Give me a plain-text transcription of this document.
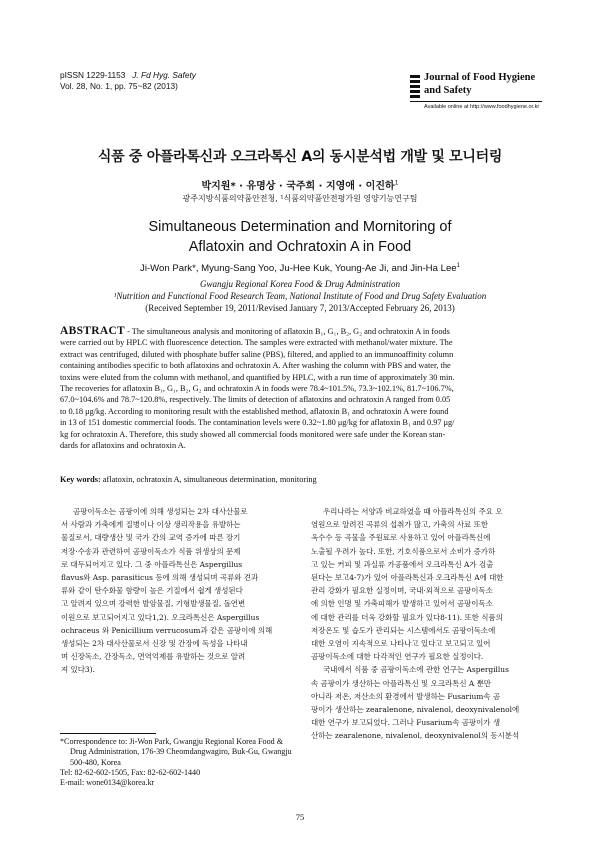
pISSN 1229-1153 J. Fd Hyg. Safety
Vol. 28, No. 1, pp. 75~82 (2013)
Journal of Food Hygiene
and Safety
Available online at http://www.foodhygiene.or.kr
식품 중 아플라톡신과 오크라톡신 A의 동시분석법 개발 및 모니터링
박지원* · 유명상 · 국주희 · 지영애 · 이진하$^1$
광주지방식품의약품안전청, ¹식품의약품안전평가원 영양기능연구팀
Simultaneous Determination and Mornitoring of
Aflatoxin and Ochratoxin A in Food
Ji-Won Park*, Myung-Sang Yoo, Ju-Hee Kuk, Young-Ae Ji, and Jin-Ha Lee$^1$
Gwangju Regional Korea Food & Drug Administration
¹Nutrition and Functional Food Research Team, National Institute of Food and Drug Safety Evaluation
(Received September 19, 2011/Revised January 7, 2013/Accepted February 26, 2013)
ABSTRACT - The simultaneous analysis and monitoring of aflatoxin B₁, G₁, B₂, G₂ and ochratoxin A in foods
were carried out by HPLC with fluorescence detection. The samples were extracted with methanol/water mixture. The
extract was centrifuged, diluted with phosphate buffer saline (PBS), filtered, and applied to an immunoaffinity column
containing antibodies specific to both aflatoxins and ochratoxin A. After washing the column with PBS and water, the
toxins were eluted from the column with methanol, and quantified by HPLC, with a run time of approximately 30 min.
The recoveries for aflatoxin B₁, G₁, B₂, G₂ and ochratoxin A in foods were 78.4~101.5%, 73.3~102.1%, 81.7~106.7%,
67.0~104.6% and 78.7~120.8%, respectively. The limits of detection of aflatoxins and ochratoxin A ranged from 0.05
to 0.18 μg/kg. According to monitoring result with the established method, aflatoxin B₁ and ochratoxin A were found
in 13 of 151 domestic commercial foods. The contamination levels were 0.32~1.80 μg/kg for aflatoxin B₁ and 0.97 μg/
kg for ochratoxin A. Therefore, this study showed all commercial foods monitored were safe under the Korean stan-
dards for aflatoxins and ochratoxin A.
Key words: aflatoxin, ochratoxin A, simultaneous determination, monitoring

곰팡이독소는 곰팡이에 의해 생성되는 2차 대사산물로

서 사람과 가축에게 질병이나 이상 생리작용을 유발하는
물질로서, 대량생산 및 국가 간의 교역 증가에 따른 장기
저장·수송과 관련하여 곰팡이독소가 식품 위생상의 문제
로 대두되어지고 있다. 그 중 아플라톡신은 Aspergillus
flavus와 Asp. parasiticus 등에 의해 생성되며 곡류와 견과
류와 같이 탄수화물 함량이 높은 기질에서 쉽게 생성된다
고 알려져 있으며 강력한 발암물질, 기형발생물질, 돌연변
이원으로 보고되어지고 있다1,2). 오크라톡신은 Aspergillus
ochraceus 와 Penicillium verrucosum과 같은 곰팡이에 의해
생성되는 2차 대사산물로서 신장 및 간장에 독성을 나타내
며 신장독소, 간장독소, 면역억제를 유발하는 것으로 알려
져 있다3).

우리나라는 서양과 비교하였을 때 아플라톡신의 주요 오

염원으로 알려진 곡류의 섭취가 많고, 가축의 사료 또한
옥수수 등 곡물을 주원료로 사용하고 있어 아플라톡신에
노출될 우려가 높다. 또한, 기호식품으로서 소비가 증가하
고 있는 커피 및 과실류 가공품에서 오크라톡신 A가 검출
된다는 보고4-7)가 있어 아플라톡신과 오크라톡신 A에 대한
관리 강화가 필요한 실정이며, 국내·외적으로 곰팡이독소
에 의한 인명 및 가축피해가 발생하고 있어서 곰팡이독소
에 대한 관리를 더욱 강화할 필요가 있다8-11). 또한 식품의
저장온도 및 습도가 관리되는 시스템에서도 곰팡이독소에
대한 오염이 지속적으로 나타나고 있다고 보고되고 있어
곰팡이독소에 대한 다각적인 연구가 필요한 실정이다.

국내에서 식품 중 곰팡이독소에 관한 연구는 Aspergillus

속 곰팡이가 생산하는 아플라톡신 및 오크라톡신 A 뿐만
아니라 저온, 저산소의 환경에서 발생하는 Fusarium속 곰
팡이가 생산하는 zearalenone, nivalenol, deoxynivalenol에
대한 연구가 보고되었다. 그러나 Fusarium속 곰팡이가 생
산하는 zearalenone, nivalenol, deoxynivalenol의 동시분석
*Correspondence to: Ji-Won Park, Gwangju Regional Korea Food &
Drug Administration, 176-39 Cheomdangwagiro, Buk-Gu, Gwangju
500-480, Korea
Tel: 82-62-602-1505, Fax: 82-62-602-1440
E-mail: wone0134@korea.kr
75
